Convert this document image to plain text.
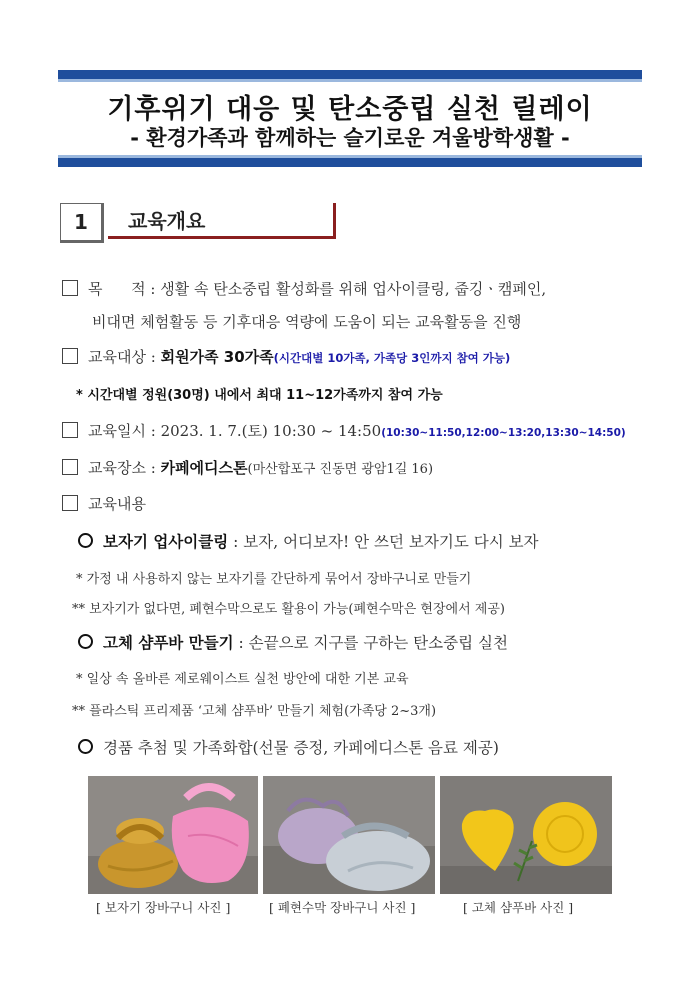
기후위기 대응 및 탄소중립 실천 릴레이
- 환경가족과 함께하는 슬기로운 겨울방학생활 -
1	교육개요
목      적 : 생활 속 탄소중립 활성화를 위해 업사이클링, 줍깅ㆍ캠페인,
비대면 체험활동 등 기후대응 역량에 도움이 되는 교육활동을 진행
교육대상 : 회원가족 30가족(시간대별 10가족, 가족당 3인까지 참여 가능)
* 시간대별 정원(30명) 내에서 최대 11~12가족까지 참여 가능
교육일시 : 2023. 1. 7.(토) 10:30 ~ 14:50(10:30~11:50,12:00~13:20,13:30~14:50)
교육장소 : 카페에디스톤(마산합포구 진동면 광암1길 16)
교육내용
보자기 업사이클링 : 보자, 어디보자! 안 쓰던 보자기도 다시 보자
* 가정 내 사용하지 않는 보자기를 간단하게 묶어서 장바구니로 만들기
** 보자기가 없다면, 폐현수막으로도 활용이 가능(폐현수막은 현장에서 제공)
고체 샴푸바 만들기 : 손끝으로 지구를 구하는 탄소중립 실천
* 일상 속 올바른 제로웨이스트 실천 방안에 대한 기본 교육
** 플라스틱 프리제품 ‘고체 샴푸바’ 만들기 체험(가족당 2~3개)
경품 추첨 및 가족화합(선물 증정, 카페에디스톤 음료 제공)
[ 보자기 장바구니 사진 ]	[ 폐현수막 장바구니 사진 ]	[ 고체 샴푸바 사진 ]
